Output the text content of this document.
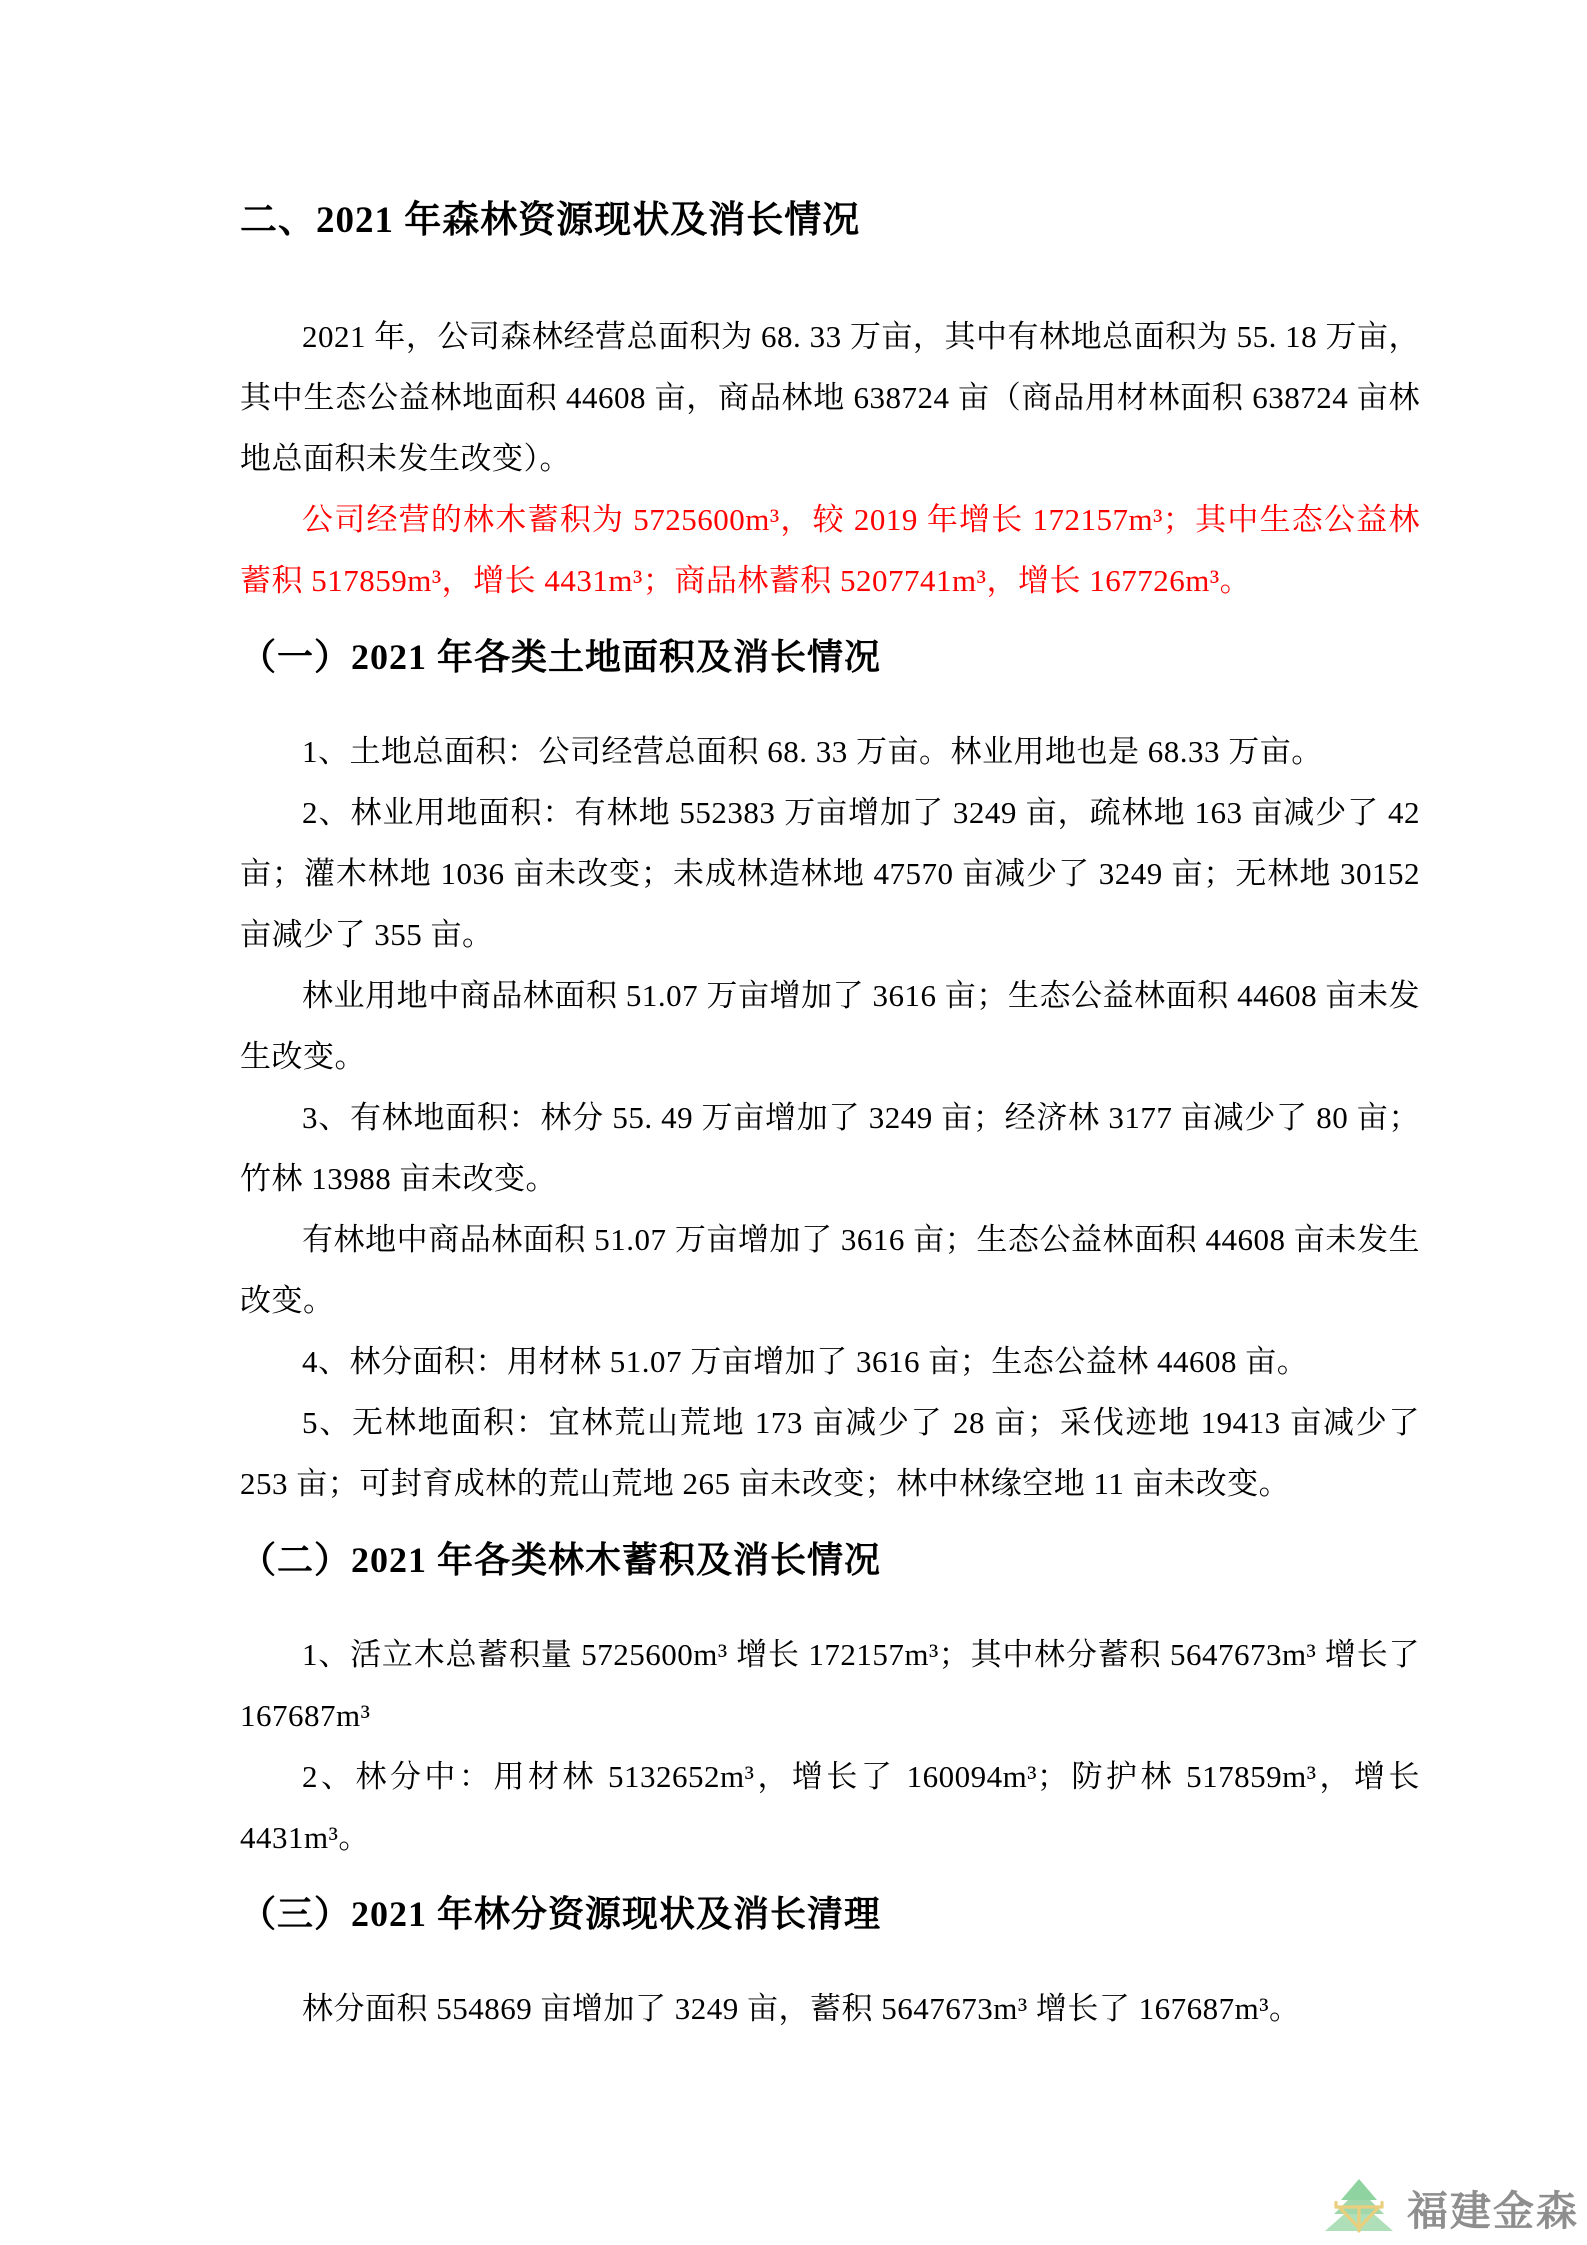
二、2021 年森林资源现状及消长情况

2021 年，公司森林经营总面积为 68. 33 万亩，其中有林地总面积为 55. 18 万亩，其中生态公益林地面积 44608 亩，商品林地 638724 亩（商品用材林面积 638724 亩林地总面积未发生改变）。

公司经营的林木蓄积为 5725600m³，较 2019 年增长 172157m³；其中生态公益林蓄积 517859m³，增长 4431m³；商品林蓄积 5207741m³，增长 167726m³。

（一）2021 年各类土地面积及消长情况

1、土地总面积：公司经营总面积 68. 33 万亩。林业用地也是 68.33 万亩。

2、林业用地面积：有林地 552383 万亩增加了 3249 亩，疏林地 163 亩减少了 42 亩；灌木林地 1036 亩未改变；未成林造林地 47570 亩减少了 3249 亩；无林地 30152 亩减少了 355 亩。

林业用地中商品林面积 51.07 万亩增加了 3616 亩；生态公益林面积 44608 亩未发生改变。

3、有林地面积：林分 55. 49 万亩增加了 3249 亩；经济林 3177 亩减少了 80 亩；竹林 13988 亩未改变。

有林地中商品林面积 51.07 万亩增加了 3616 亩；生态公益林面积 44608 亩未发生改变。

4、林分面积：用材林 51.07 万亩增加了 3616 亩；生态公益林 44608 亩。

5、无林地面积：宜林荒山荒地 173 亩减少了 28 亩；采伐迹地 19413 亩减少了 253 亩；可封育成林的荒山荒地 265 亩未改变；林中林缘空地 11 亩未改变。

（二）2021 年各类林木蓄积及消长情况

1、活立木总蓄积量 5725600m³ 增长 172157m³；其中林分蓄积 5647673m³ 增长了 167687m³

2、林分中：用材林 5132652m³，增长了 160094m³；防护林 517859m³，增长 4431m³。

（三）2021 年林分资源现状及消长清理

林分面积 554869 亩增加了 3249 亩，蓄积 5647673m³ 增长了 167687m³。

福建金森
